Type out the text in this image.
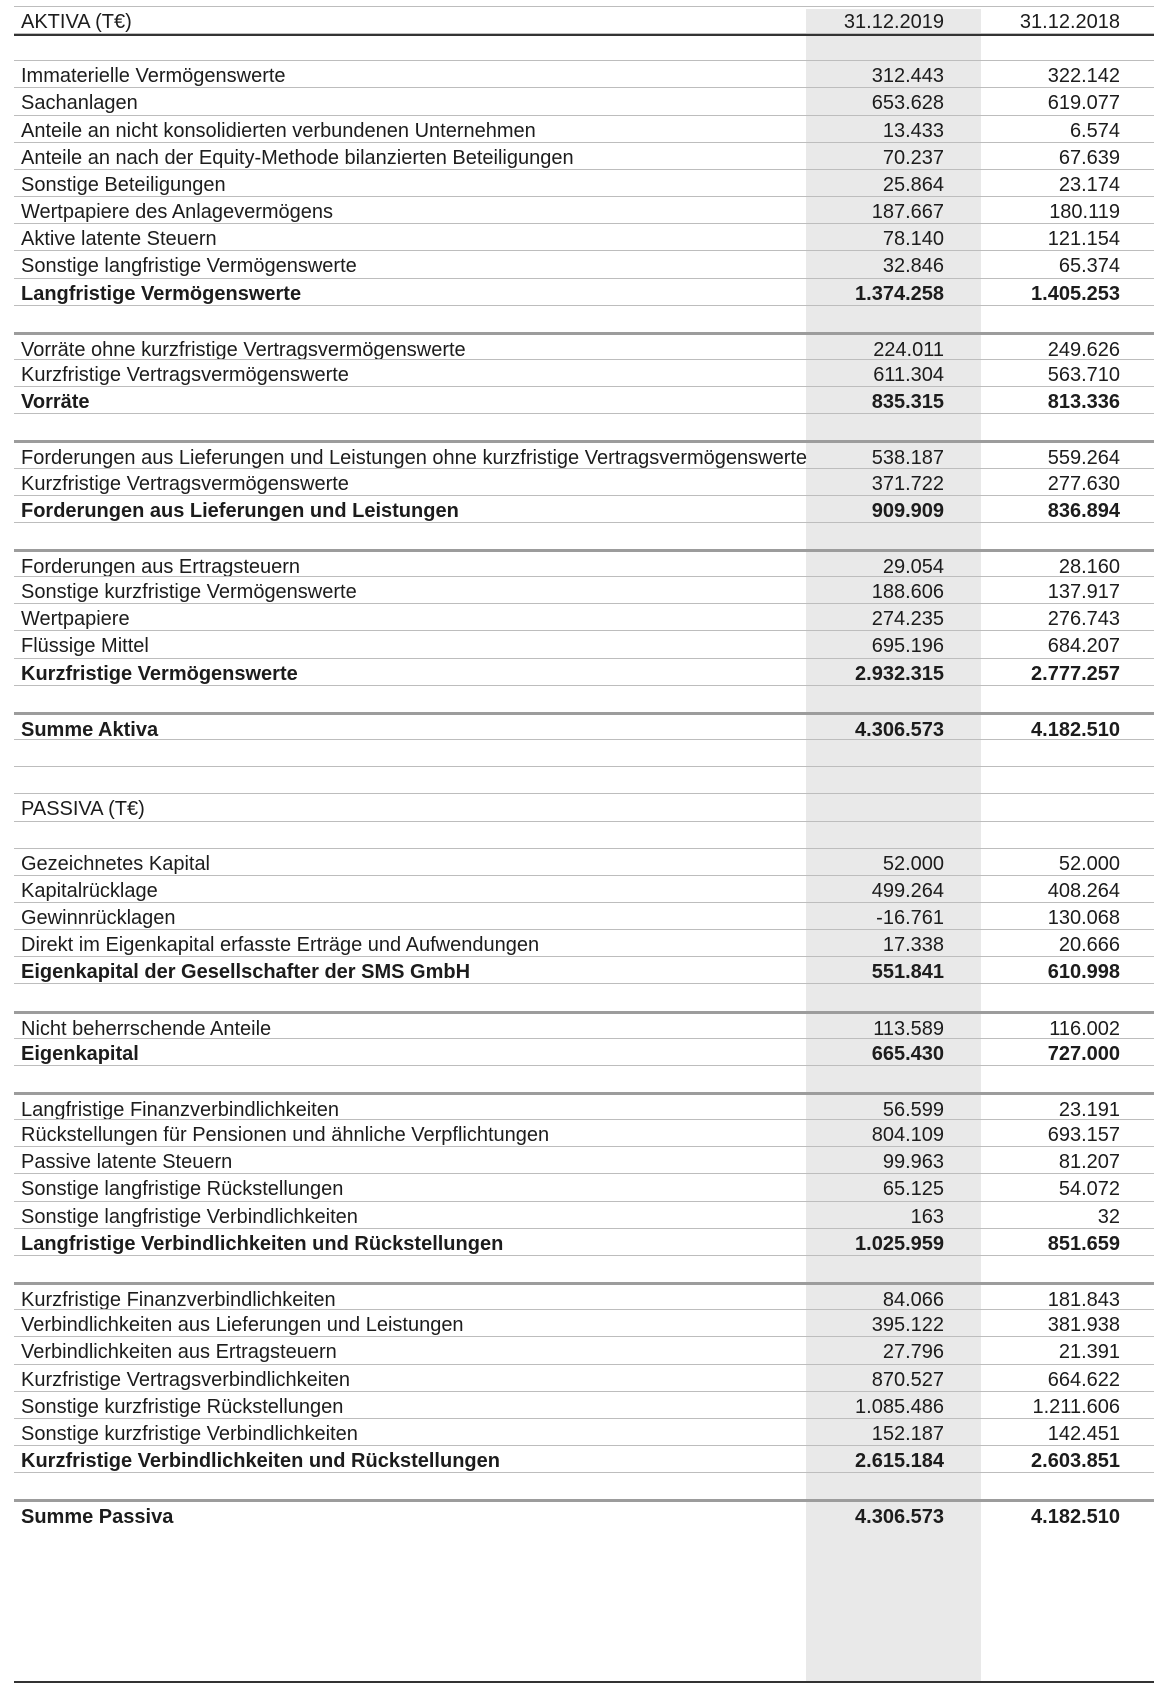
AKTIVA (T€)	31.12.2019	31.12.2018
Immaterielle Vermögenswerte	312.443	322.142
Sachanlagen	653.628	619.077
Anteile an nicht konsolidierten verbundenen Unternehmen	13.433	6.574
Anteile an nach der Equity-Methode bilanzierten Beteiligungen	70.237	67.639
Sonstige Beteiligungen	25.864	23.174
Wertpapiere des Anlagevermögens	187.667	180.119
Aktive latente Steuern	78.140	121.154
Sonstige langfristige Vermögenswerte	32.846	65.374
Langfristige Vermögenswerte	1.374.258	1.405.253
Vorräte ohne kurzfristige Vertragsvermögenswerte	224.011	249.626
Kurzfristige Vertragsvermögenswerte	611.304	563.710
Vorräte	835.315	813.336
Forderungen aus Lieferungen und Leistungen ohne kurzfristige Vertragsvermögenswerte	538.187	559.264
Kurzfristige Vertragsvermögenswerte	371.722	277.630
Forderungen aus Lieferungen und Leistungen	909.909	836.894
Forderungen aus Ertragsteuern	29.054	28.160
Sonstige kurzfristige Vermögenswerte	188.606	137.917
Wertpapiere	274.235	276.743
Flüssige Mittel	695.196	684.207
Kurzfristige Vermögenswerte	2.932.315	2.777.257
Summe Aktiva	4.306.573	4.182.510
PASSIVA (T€)
Gezeichnetes Kapital	52.000	52.000
Kapitalrücklage	499.264	408.264
Gewinnrücklagen	-16.761	130.068
Direkt im Eigenkapital erfasste Erträge und Aufwendungen	17.338	20.666
Eigenkapital der Gesellschafter der SMS GmbH	551.841	610.998
Nicht beherrschende Anteile	113.589	116.002
Eigenkapital	665.430	727.000
Langfristige Finanzverbindlichkeiten	56.599	23.191
Rückstellungen für Pensionen und ähnliche Verpflichtungen	804.109	693.157
Passive latente Steuern	99.963	81.207
Sonstige langfristige Rückstellungen	65.125	54.072
Sonstige langfristige Verbindlichkeiten	163	32
Langfristige Verbindlichkeiten und Rückstellungen	1.025.959	851.659
Kurzfristige Finanzverbindlichkeiten	84.066	181.843
Verbindlichkeiten aus Lieferungen und Leistungen	395.122	381.938
Verbindlichkeiten aus Ertragsteuern	27.796	21.391
Kurzfristige Vertragsverbindlichkeiten	870.527	664.622
Sonstige kurzfristige Rückstellungen	1.085.486	1.211.606
Sonstige kurzfristige Verbindlichkeiten	152.187	142.451
Kurzfristige Verbindlichkeiten und Rückstellungen	2.615.184	2.603.851
Summe Passiva	4.306.573	4.182.510
